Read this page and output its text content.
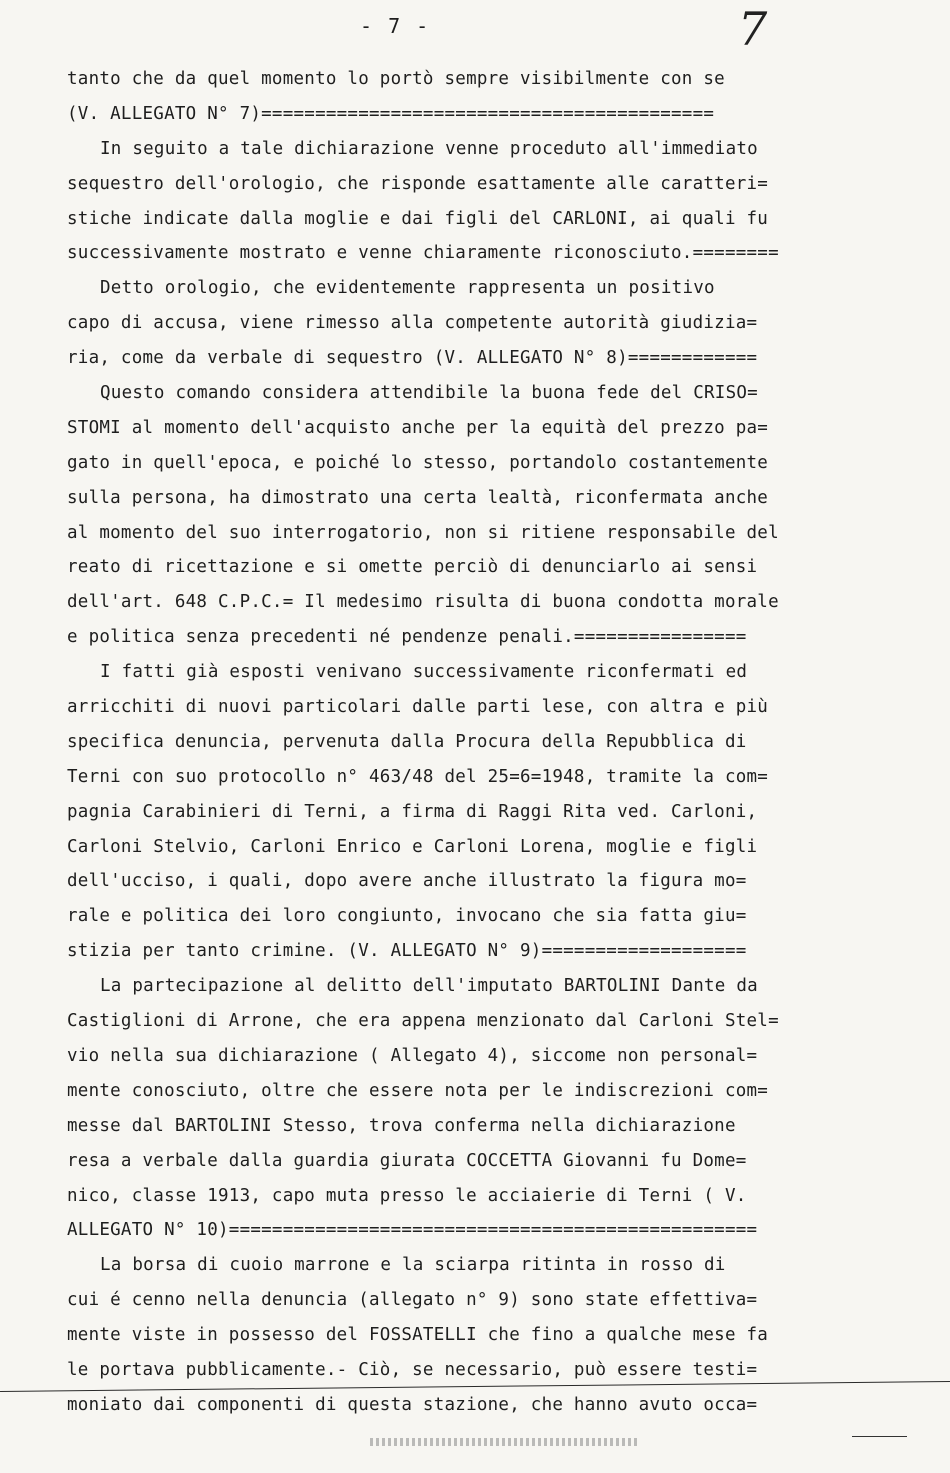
- 7 -	7
tanto che da quel momento lo portò sempre visibilmente con se
(V. ALLEGATO N° 7)==========================================
In seguito a tale dichiarazione venne proceduto all'immediato
sequestro dell'orologio, che risponde esattamente alle caratteri=
stiche indicate dalla moglie e dai figli del CARLONI, ai quali fu
successivamente mostrato e venne chiaramente riconosciuto.========
Detto orologio, che evidentemente rappresenta un positivo
capo di accusa, viene rimesso alla competente autorità giudizia=
ria, come da verbale di sequestro (V. ALLEGATO N° 8)============
Questo comando considera attendibile la buona fede del CRISO=
STOMI al momento dell'acquisto anche per la equità del prezzo pa=
gato in quell'epoca, e poiché lo stesso, portandolo costantemente
sulla persona, ha dimostrato una certa lealtà, riconfermata anche
al momento del suo interrogatorio, non si ritiene responsabile del
reato di ricettazione e si omette perciò di denunciarlo ai sensi
dell'art. 648 C.P.C.= Il medesimo risulta di buona condotta morale
e politica senza precedenti né pendenze penali.================
I fatti già esposti venivano successivamente riconfermati ed
arricchiti di nuovi particolari dalle parti lese, con altra e più
specifica denuncia, pervenuta dalla Procura della Repubblica di
Terni con suo protocollo n° 463/48 del 25=6=1948, tramite la com=
pagnia Carabinieri di Terni, a firma di Raggi Rita ved. Carloni,
Carloni Stelvio, Carloni Enrico e Carloni Lorena, moglie e figli
dell'ucciso, i quali, dopo avere anche illustrato la figura mo=
rale e politica dei loro congiunto, invocano che sia fatta giu=
stizia per tanto crimine. (V. ALLEGATO N° 9)===================
La partecipazione al delitto dell'imputato BARTOLINI Dante da
Castiglioni di Arrone, che era appena menzionato dal Carloni Stel=
vio nella sua dichiarazione ( Allegato 4), siccome non personal=
mente conosciuto, oltre che essere nota per le indiscrezioni com=
messe dal BARTOLINI Stesso, trova conferma nella dichiarazione
resa a verbale dalla guardia giurata COCCETTA Giovanni fu Dome=
nico, classe 1913, capo muta presso le acciaierie di Terni ( V.
ALLEGATO N° 10)=================================================
La borsa di cuoio marrone e la sciarpa ritinta in rosso di
cui é cenno nella denuncia (allegato n° 9) sono state effettiva=
mente viste in possesso del FOSSATELLI che fino a qualche mese fa
le portava pubblicamente.- Ciò, se necessario, può essere testi=
moniato dai componenti di questa stazione, che hanno avuto occa=
